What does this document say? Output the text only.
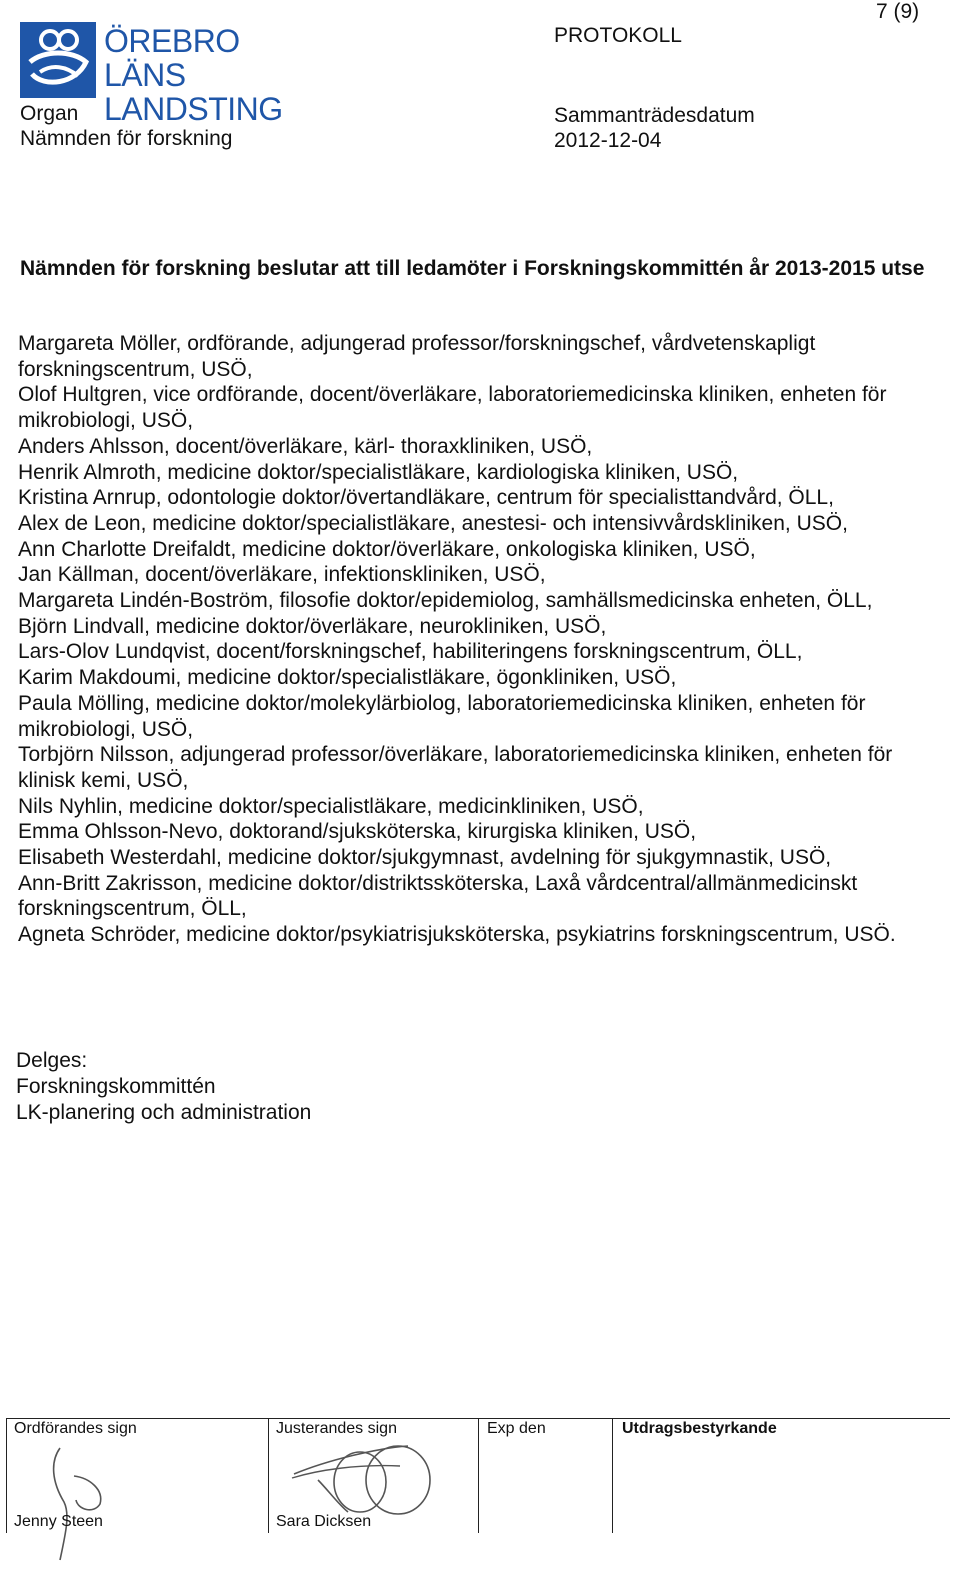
ÖREBRO LÄNS
LANDSTING
7 (9)
PROTOKOLL
Organ
Nämnden för forskning
Sammanträdesdatum
2012-12-04
Nämnden för forskning beslutar att till ledamöter i Forskningskommittén år 2013-2015 utse
Margareta Möller, ordförande, adjungerad professor/forskningschef, vårdvetenskapligt forskningscentrum, USÖ,
Olof Hultgren, vice ordförande, docent/överläkare, laboratoriemedicinska kliniken, enheten för mikrobiologi, USÖ,
Anders Ahlsson, docent/överläkare, kärl- thoraxkliniken, USÖ,
Henrik Almroth, medicine doktor/specialistläkare, kardiologiska kliniken, USÖ,
Kristina Arnrup, odontologie doktor/övertandläkare, centrum för specialisttandvård, ÖLL,
Alex de Leon, medicine doktor/specialistläkare, anestesi- och intensivvårdskliniken, USÖ,
Ann Charlotte Dreifaldt, medicine doktor/överläkare, onkologiska kliniken, USÖ,
Jan Källman, docent/överläkare, infektionskliniken, USÖ,
Margareta Lindén-Boström, filosofie doktor/epidemiolog, samhällsmedicinska enheten, ÖLL,
Björn Lindvall, medicine doktor/överläkare, neurokliniken, USÖ,
Lars-Olov Lundqvist, docent/forskningschef, habiliteringens forskningscentrum, ÖLL,
Karim Makdoumi, medicine doktor/specialistläkare, ögonkliniken, USÖ,
Paula Mölling, medicine doktor/molekylärbiolog, laboratoriemedicinska kliniken, enheten för mikrobiologi, USÖ,
Torbjörn Nilsson, adjungerad professor/överläkare, laboratoriemedicinska kliniken, enheten för klinisk kemi, USÖ,
Nils Nyhlin, medicine doktor/specialistläkare, medicinkliniken, USÖ,
Emma Ohlsson-Nevo, doktorand/sjuksköterska, kirurgiska kliniken, USÖ,
Elisabeth Westerdahl, medicine doktor/sjukgymnast, avdelning för sjukgymnastik, USÖ,
Ann-Britt Zakrisson, medicine doktor/distriktssköterska, Laxå vårdcentral/allmänmedicinskt forskningscentrum, ÖLL,
Agneta Schröder, medicine doktor/psykiatrisjuksköterska, psykiatrins forskningscentrum, USÖ.
Delges:
Forskningskommittén
LK-planering och administration
Ordförandes sign	Justerandes sign	Exp den	Utdragsbestyrkande
Jenny Steen	Sara Dicksen
